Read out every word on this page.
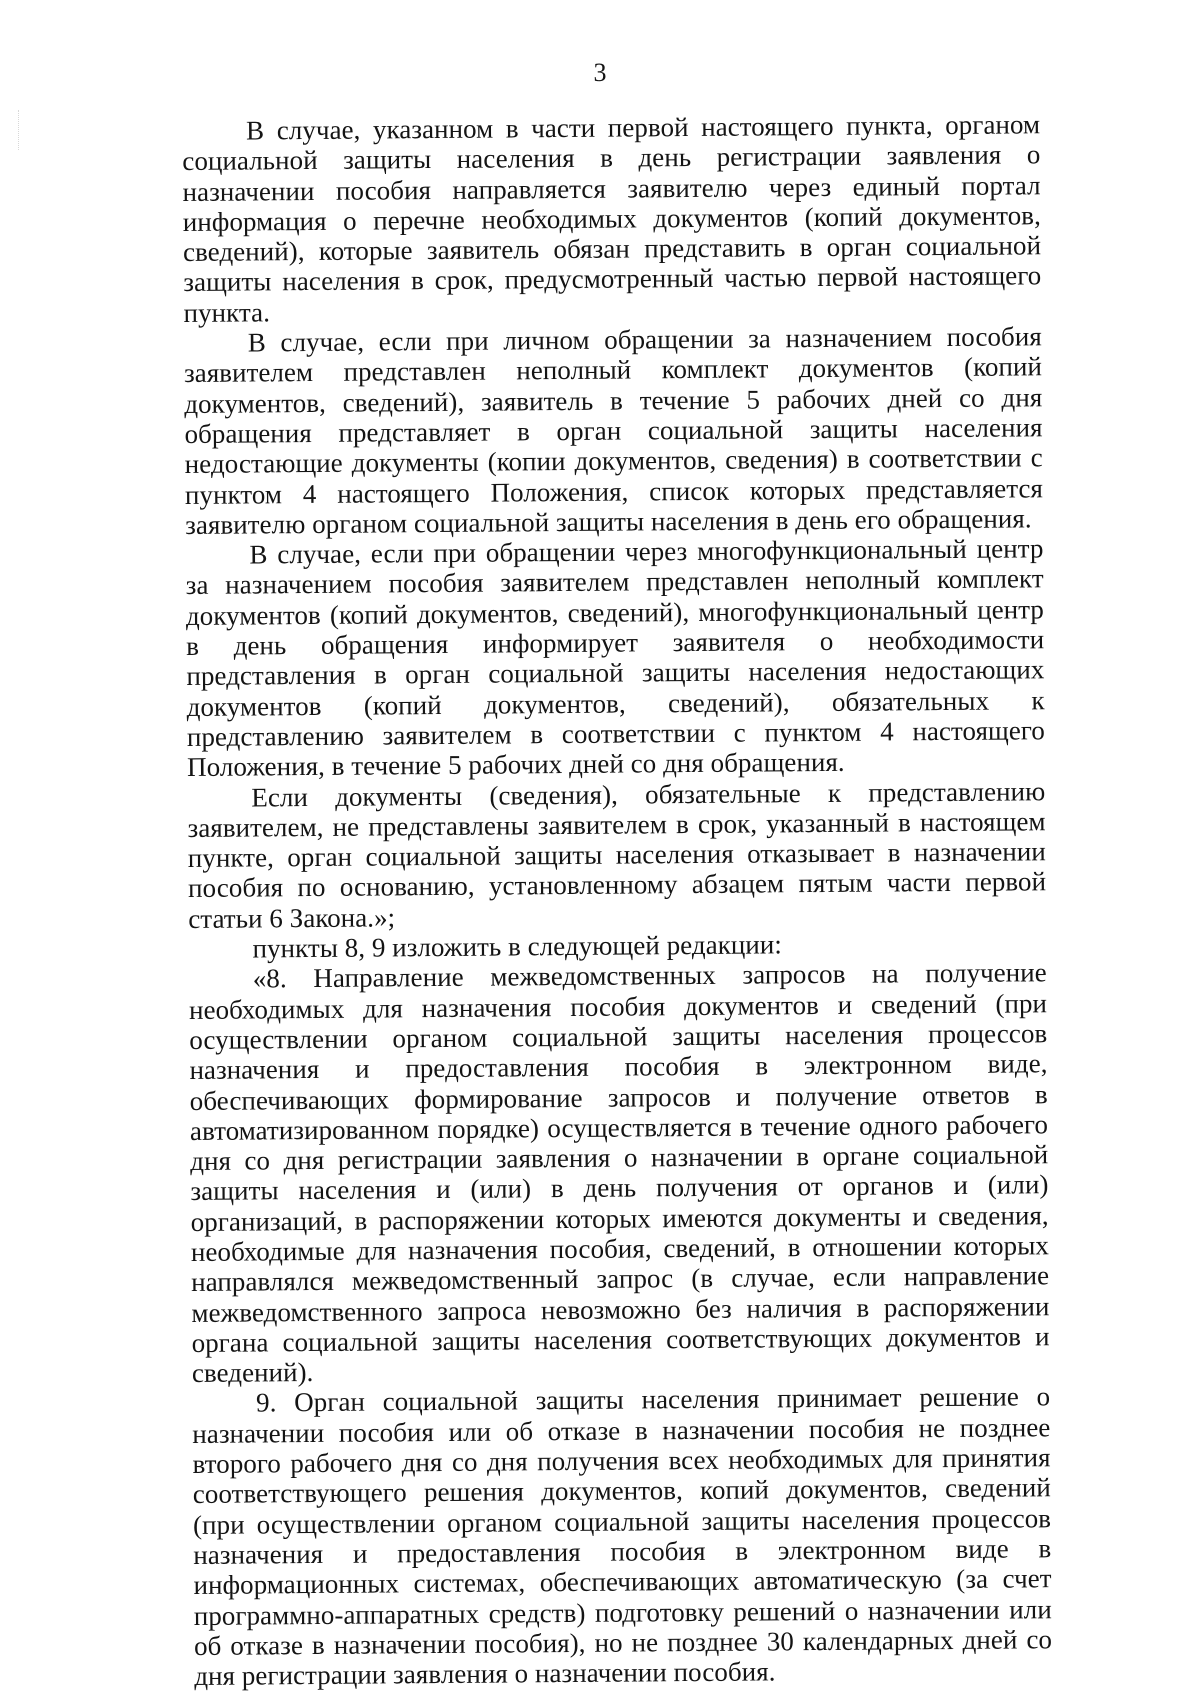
3

В случае, указанном в части первой настоящего пункта, органом социальной защиты населения в день регистрации заявления о назначении пособия направляется заявителю через единый портал информация о перечне необходимых документов (копий документов, сведений), которые заявитель обязан представить в орган социальной защиты населения в срок, предусмотренный частью первой настоящего пункта.

В случае, если при личном обращении за назначением пособия заявителем представлен неполный комплект документов (копий документов, сведений), заявитель в течение 5 рабочих дней со дня обращения представляет в орган социальной защиты населения недостающие документы (копии документов, сведения) в соответствии с пунктом 4 настоящего Положения, список которых представляется заявителю органом социальной защиты населения в день его обращения.

В случае, если при обращении через многофункциональный центр за назначением пособия заявителем представлен неполный комплект документов (копий документов, сведений), многофункциональный центр в день обращения информирует заявителя о необходимости представления в орган социальной защиты населения недостающих документов (копий документов, сведений), обязательных к представлению заявителем в соответствии с пунктом 4 настоящего Положения, в течение 5 рабочих дней со дня обращения.

Если документы (сведения), обязательные к представлению заявителем, не представлены заявителем в срок, указанный в настоящем пункте, орган социальной защиты населения отказывает в назначении пособия по основанию, установленному абзацем пятым части первой статьи 6 Закона.»;

пункты 8, 9 изложить в следующей редакции:

«8. Направление межведомственных запросов на получение необходимых для назначения пособия документов и сведений (при осуществлении органом социальной защиты населения процессов назначения и предоставления пособия в электронном виде, обеспечивающих формирование запросов и получение ответов в автоматизированном порядке) осуществляется в течение одного рабочего дня со дня регистрации заявления о назначении в органе социальной защиты населения и (или) в день получения от органов и (или) организаций, в распоряжении которых имеются документы и сведения, необходимые для назначения пособия, сведений, в отношении которых направлялся межведомственный запрос (в случае, если направление межведомственного запроса невозможно без наличия в распоряжении органа социальной защиты населения соответствующих документов и сведений).

9. Орган социальной защиты населения принимает решение о назначении пособия или об отказе в назначении пособия не позднее второго рабочего дня со дня получения всех необходимых для принятия соответствующего решения документов, копий документов, сведений (при осуществлении органом социальной защиты населения процессов назначения и предоставления пособия в электронном виде в информационных системах, обеспечивающих автоматическую (за счет программно-аппаратных средств) подготовку решений о назначении или об отказе в назначении пособия), но не позднее 30 календарных дней со дня регистрации заявления о назначении пособия.
